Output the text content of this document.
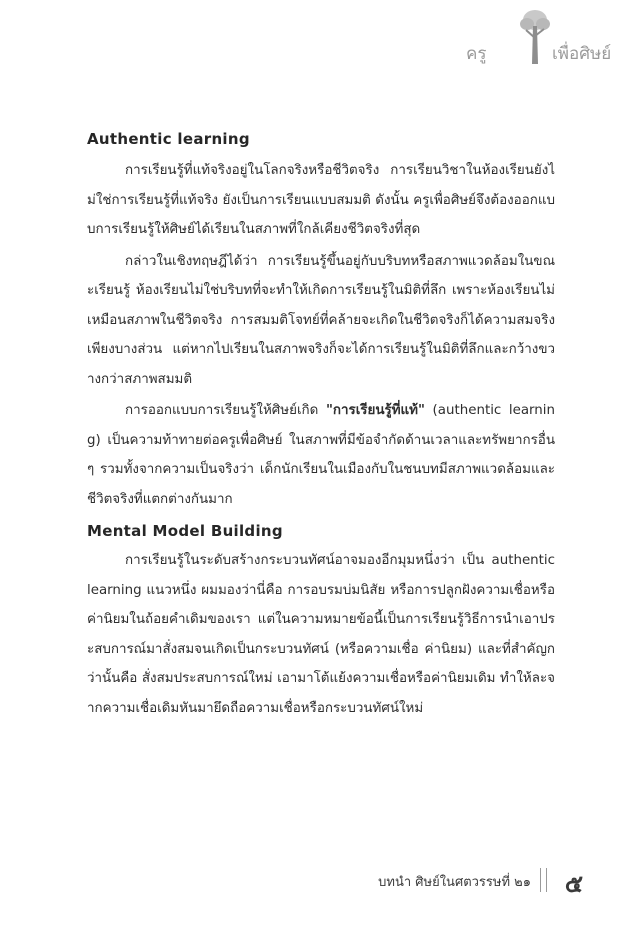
ครู	เพื่อศิษย์
Authentic learning

การเรียนรู้ที่แท้จริงอยู่ในโลกจริงหรือชีวิตจริง การเรียนวิชาในห้องเรียนยังไม่ใช่การเรียนรู้ที่แท้จริง ยังเป็นการเรียนแบบสมมติ ดังนั้น ครูเพื่อศิษย์จึงต้องออกแบบการเรียนรู้ให้ศิษย์ได้เรียนในสภาพที่ใกล้เคียงชีวิตจริงที่สุด

กล่าวในเชิงทฤษฎีได้ว่า การเรียนรู้ขึ้นอยู่กับบริบทหรือสภาพแวดล้อมในขณะเรียนรู้ ห้องเรียนไม่ใช่บริบทที่จะทำให้เกิดการเรียนรู้ในมิติที่ลึก เพราะห้องเรียนไม่เหมือนสภาพในชีวิตจริง การสมมติโจทย์ที่คล้ายจะเกิดในชีวิตจริงก็ได้ความสมจริงเพียงบางส่วน แต่หากไปเรียนในสภาพจริงก็จะได้การเรียนรู้ในมิติที่ลึกและกว้างขวางกว่าสภาพสมมติ

การออกแบบการเรียนรู้ให้ศิษย์เกิด "การเรียนรู้ที่แท้" (authentic learning) เป็นความท้าทายต่อครูเพื่อศิษย์ ในสภาพที่มีข้อจำกัดด้านเวลาและทรัพยากรอื่น ๆ รวมทั้งจากความเป็นจริงว่า เด็กนักเรียนในเมืองกับในชนบทมีสภาพแวดล้อมและชีวิตจริงที่แตกต่างกันมาก

Mental Model Building

การเรียนรู้ในระดับสร้างกระบวนทัศน์อาจมองอีกมุมหนึ่งว่า เป็น authentic learning แนวหนึ่ง ผมมองว่านี่คือ การอบรมบ่มนิสัย หรือการปลูกฝังความเชื่อหรือค่านิยมในถ้อยคำเดิมของเรา แต่ในความหมายข้อนี้เป็นการเรียนรู้วิธีการนำเอาประสบการณ์มาสั่งสมจนเกิดเป็นกระบวนทัศน์ (หรือความเชื่อ ค่านิยม) และที่สำคัญกว่านั้นคือ สั่งสมประสบการณ์ใหม่ เอามาโต้แย้งความเชื่อหรือค่านิยมเดิม ทำให้ละจากความเชื่อเดิมหันมายึดถือความเชื่อหรือกระบวนทัศน์ใหม่

บทนำ ศิษย์ในศตวรรษที่ ๒๑ ๕
